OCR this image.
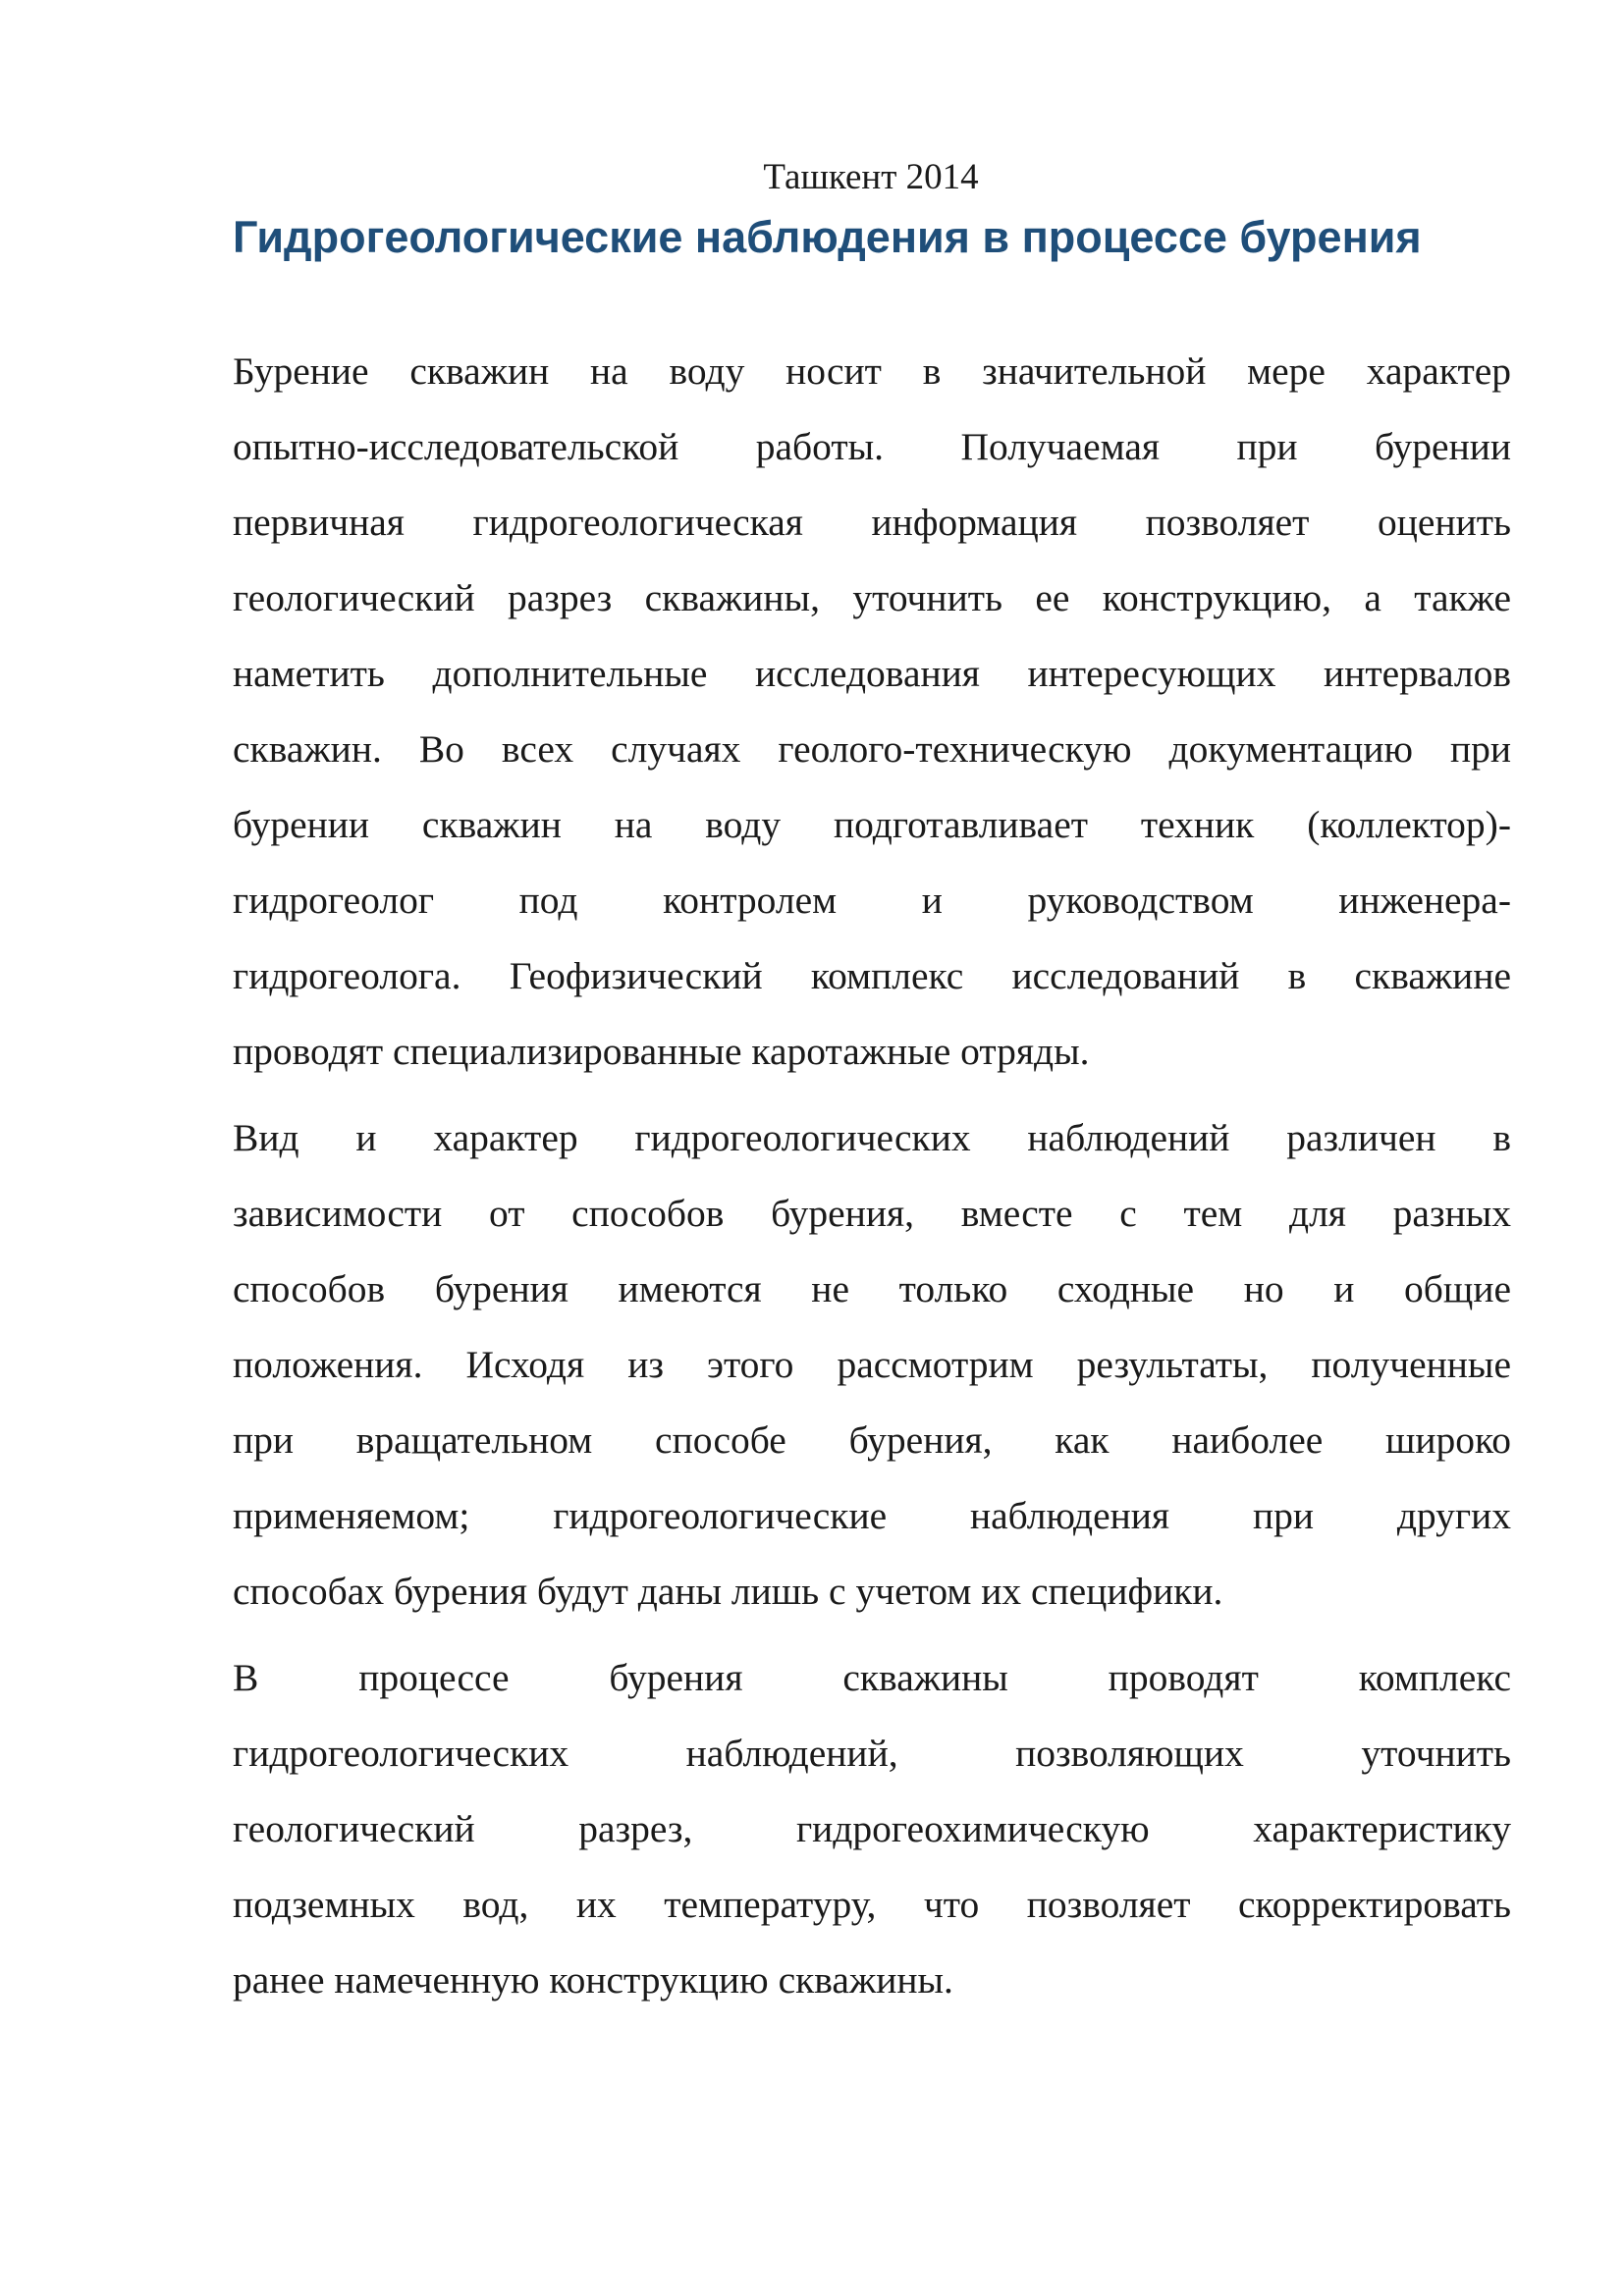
Ташкент 2014
Гидрогеологические наблюдения в процессе бурения

Бурение скважин на воду носит в значительной мере характер
опытно-исследовательской работы. Получаемая при бурении
первичная гидрогеологическая информация позволяет оценить
геологический разрез скважины, уточнить ее конструкцию, а также
наметить дополнительные исследования интересующих интервалов
скважин. Во всех случаях геолого-техническую документацию при
бурении скважин на воду подготавливает техник (коллектор)-
гидрогеолог под контролем и руководством инженера-
гидрогеолога. Геофизический комплекс исследований в скважине
проводят специализированные каротажные отряды.

Вид и характер гидрогеологических наблюдений различен в
зависимости от способов бурения, вместе с тем для разных
способов бурения имеются не только сходные но и общие
положения. Исходя из этого рассмотрим результаты, полученные
при вращательном способе бурения, как наиболее широко
применяемом; гидрогеологические наблюдения при других
способах бурения будут даны лишь с учетом их специфики.

В процессе бурения скважины проводят комплекс
гидрогеологических наблюдений, позволяющих уточнить
геологический разрез, гидрогеохимическую характеристику
подземных вод, их температуру, что позволяет скорректировать
ранее намеченную конструкцию скважины.
